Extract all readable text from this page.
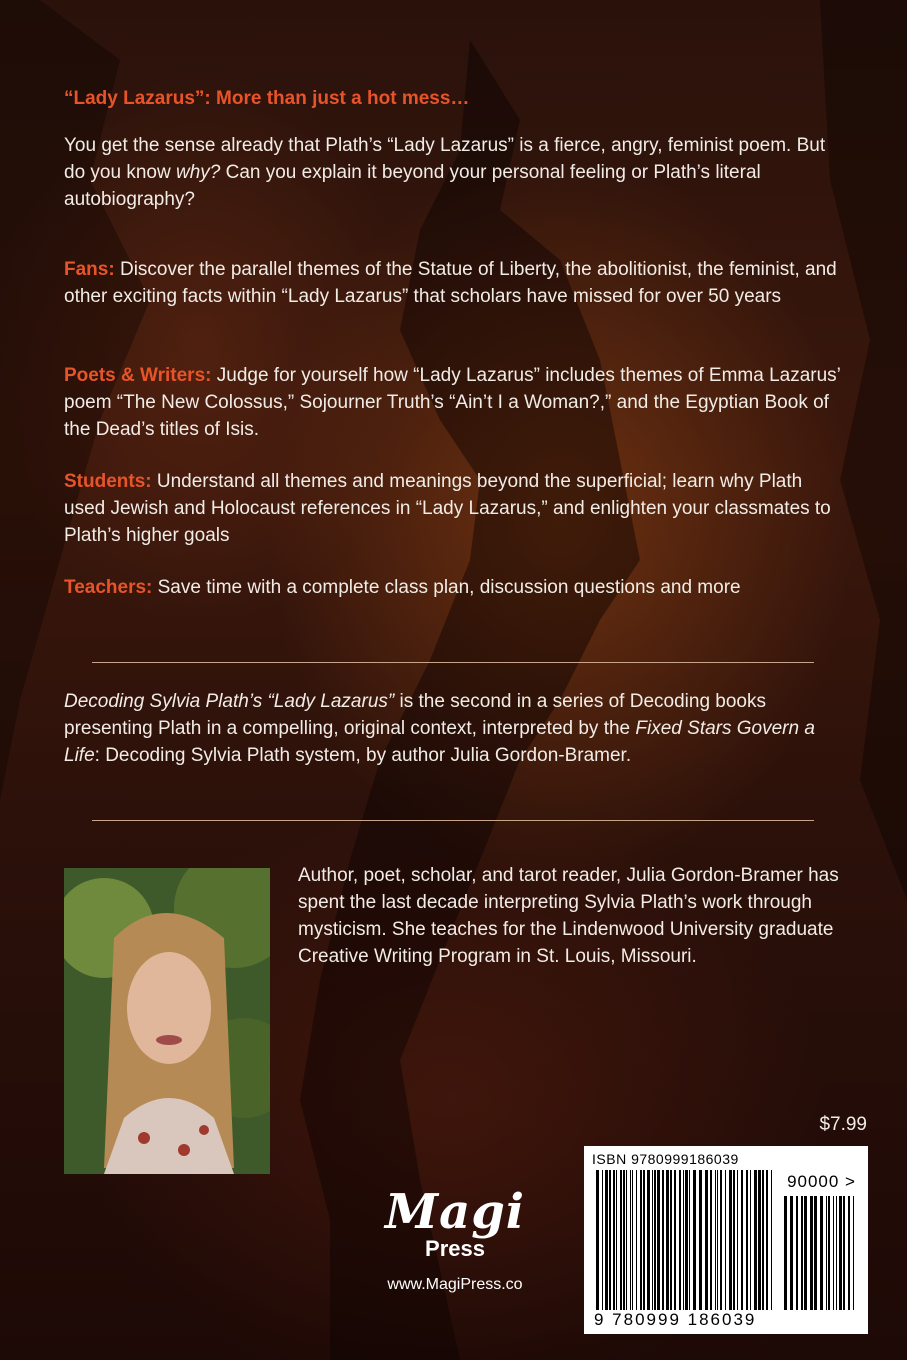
“Lady Lazarus”: More than just a hot mess…

You get the sense already that Plath’s “Lady Lazarus” is a fierce, angry, feminist poem. But do you know why? Can you explain it beyond your personal feeling or Plath’s literal autobiography?

Fans: Discover the parallel themes of the Statue of Liberty, the abolitionist, the feminist, and other exciting facts within “Lady Lazarus” that scholars have missed for over 50 years

Poets & Writers: Judge for yourself how “Lady Lazarus” includes themes of Emma Lazarus’ poem “The New Colossus,” Sojourner Truth’s “Ain’t I a Woman?,” and the Egyptian Book of the Dead’s titles of Isis.

Students: Understand all themes and meanings beyond the superficial; learn why Plath used Jewish and Holocaust references in “Lady Lazarus,” and enlighten your classmates to Plath’s higher goals

Teachers: Save time with a complete class plan, discussion questions and more

Decoding Sylvia Plath’s “Lady Lazarus” is the second in a series of Decoding books presenting Plath in a compelling, original context, interpreted by the Fixed Stars Govern a Life: Decoding Sylvia Plath system, by author Julia Gordon-Bramer.

Author, poet, scholar, and tarot reader, Julia Gordon-Bramer has spent the last decade interpreting Sylvia Plath’s work through mysticism. She teaches for the Lindenwood University graduate Creative Writing Program in St. Louis, Missouri.

$7.99
ISBN 9780999186039
90000 >
9 780999 186039
Magi
Press
www.MagiPress.co
